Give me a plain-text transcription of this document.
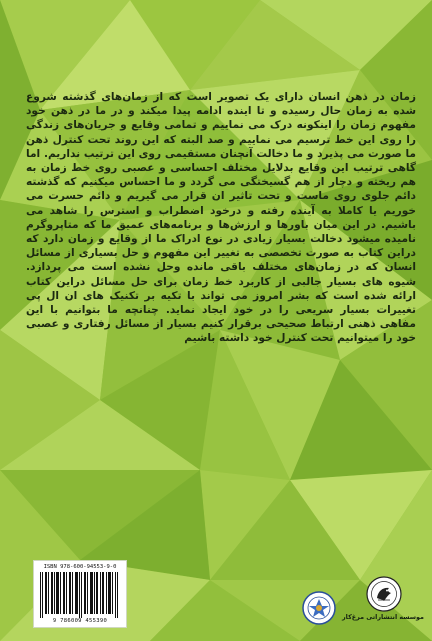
زمان در ذهن انسان دارای یک تصویر است که از زمان‌های گذشته شروع شده به زمان حال رسیده و تا اینده ادامه پیدا میکند و در ما در ذهن خود مفهوم زمان را اینکونه درک می نماییم و تمامی وقایع و جریان‌های زندگی را روی این خط ترسیم می نماییم و صد البته که این روند تحت کنترل ذهن ما صورت می پذیرد و ما دخالت آنچنان مستقیمی روی این ترتیب نداریم. اما گاهی ترتیب این وقایع بدلایل مختلف احساسی و عصبی روی خط زمان به هم ریخته و دچار از هم گسیختگی می گردد و ما احساس میکنیم که گذشته دائم جلوی روی ماست و تحت تاثیر ان قرار می گیریم و دائم حسرت می خوریم یا کاملا به آینده رفته و درخود اضطراب و استرس را شاهد می باشیم. در این میان باورها و ارزش‌ها و برنامه‌های عمیق ما که متاپروگرم نامیده میشود دخالت بسیار زیادی در نوع ادراک ما از وقایع و زمان دارد که دراین کتاب به صورت تخصصی به تغییر این مفهوم و حل بسیاری از مسائل انسان که در زمان‌های مختلف باقی مانده وحل نشده است می پردازد. شیوه های بسیار جالبی از کاربرد خط زمان برای حل مسائل دراین کتاب ارائه شده است که بشر امروز می تواند با تکیه بر تکنیک های ان ال پی تغییرات بسیار سریعی را در خود ایجاد نماید. چنانچه ما بتوانیم با این مفاهی ذهنی ارتباط صحیحی برقرار کنیم بسیار از مسائل رفتاری و عصبی خود را میتوانیم تحت کنترل خود داشته باشیم

ISBN 978-600-94553-9-0
9 786009 455390	موسسه انتشاراتی مرغ‌کار
